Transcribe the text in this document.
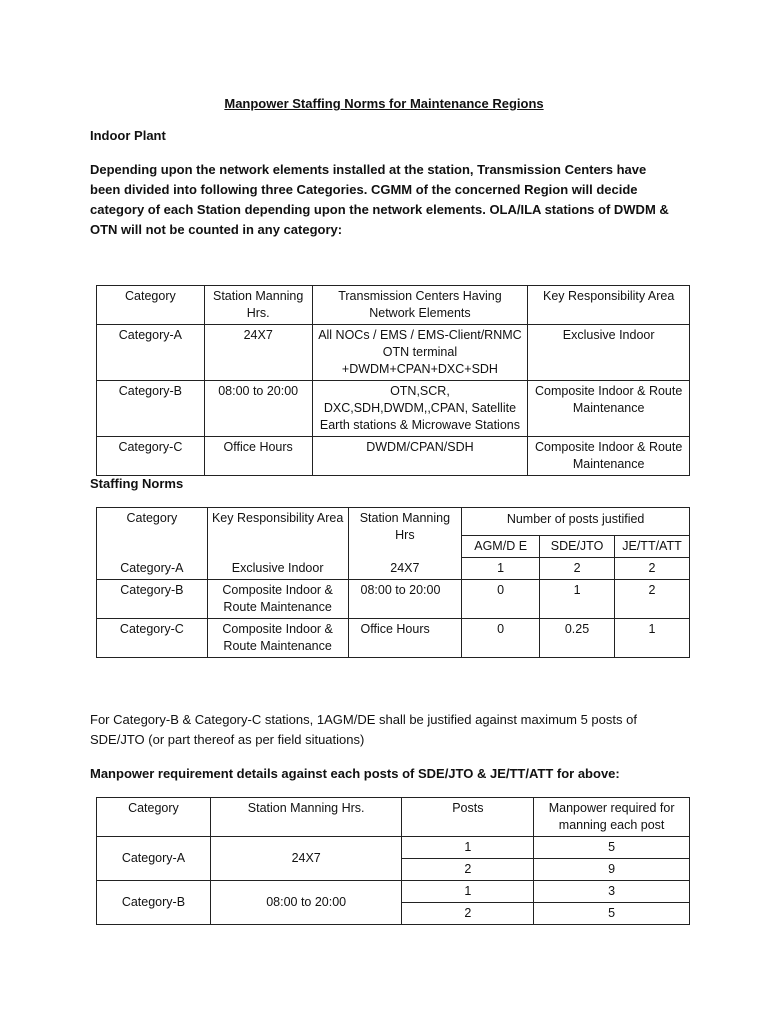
Manpower Staffing Norms for Maintenance Regions
Indoor Plant
Depending upon the network elements installed at the station, Transmission Centers have been divided into following three Categories. CGMM of the concerned Region will decide category of each Station depending upon the network elements. OLA/ILA stations of DWDM & OTN will not be counted in any category:
Category	Station Manning Hrs.	Transmission Centers Having Network Elements	Key Responsibility Area
Category-A	24X7	All NOCs / EMS / EMS-Client/RNMC OTN terminal +DWDM+CPAN+DXC+SDH	Exclusive Indoor
Category-B	08:00 to 20:00	OTN,SCR, DXC,SDH,DWDM,,CPAN, Satellite Earth stations & Microwave Stations	Composite Indoor & Route Maintenance
Category-C	Office Hours	DWDM/CPAN/SDH	Composite Indoor & Route Maintenance
Staffing Norms
Category	Key Responsibility Area	Station Manning Hrs	Number of posts justified		
			AGM/D E	SDE/JTO	JE/TT/ATT
Category-A	Exclusive Indoor	24X7	1	2	2
Category-B	Composite Indoor & Route Maintenance	08:00 to 20:00	0	1	2
Category-C	Composite Indoor & Route Maintenance	Office Hours	0	0.25	1
For Category-B & Category-C stations, 1AGM/DE shall be justified against maximum 5 posts of SDE/JTO (or part thereof as per field situations)
Manpower requirement details against each posts of SDE/JTO & JE/TT/ATT for above:
Category	Station Manning Hrs.	Posts	Manpower required for manning each post
Category-A	24X7	1	5
		2	9
Category-B	08:00 to 20:00	1	3
		2	5
